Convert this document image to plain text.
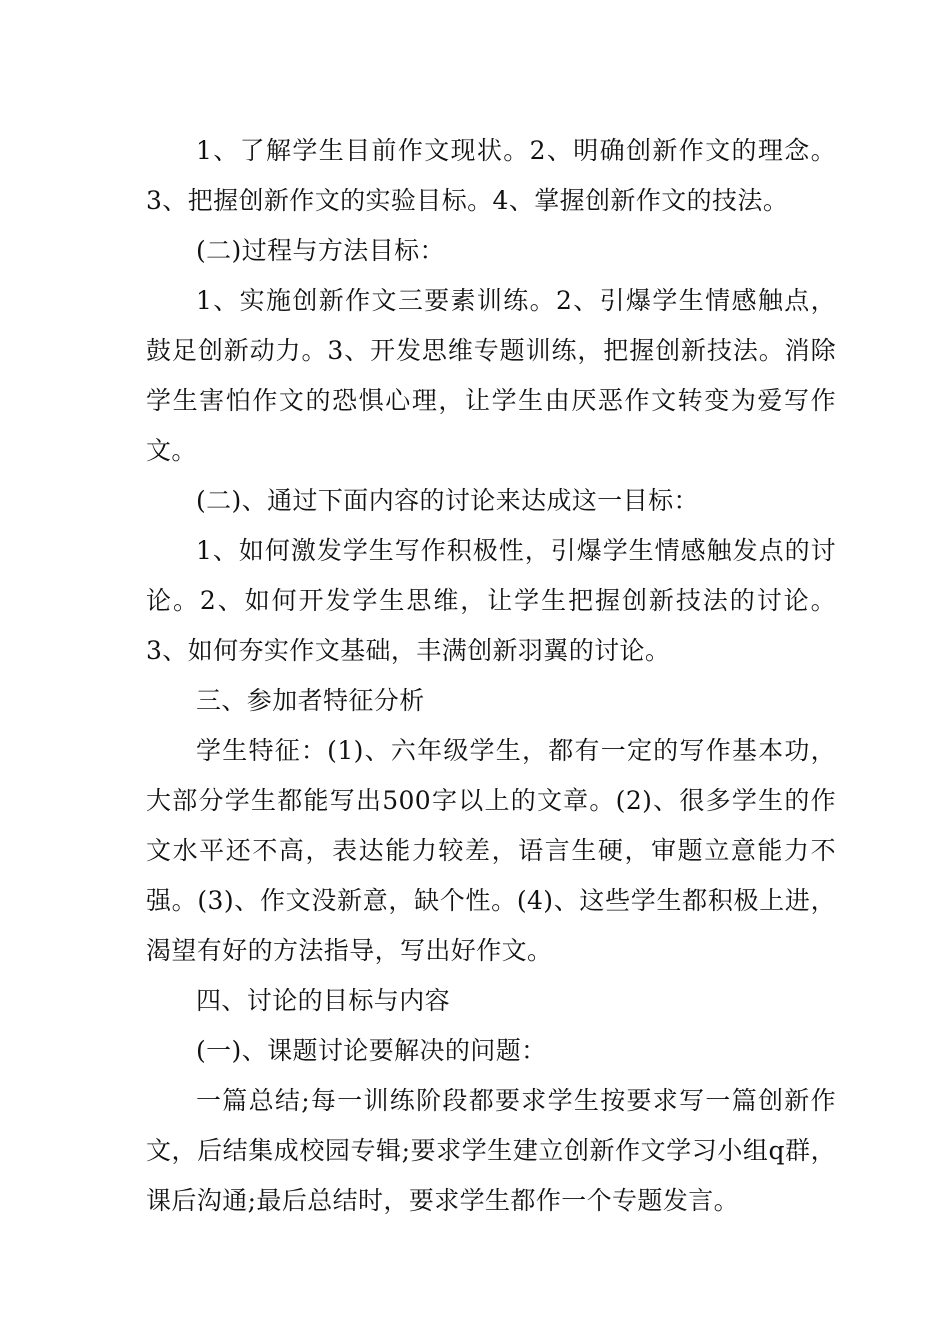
1、了解学生目前作文现状。2、明确创新作文的理念。3、把握创新作文的实验目标。4、掌握创新作文的技法。

(二)过程与方法目标：

1、实施创新作文三要素训练。2、引爆学生情感触点，鼓足创新动力。3、开发思维专题训练，把握创新技法。消除学生害怕作文的恐惧心理，让学生由厌恶作文转变为爱写作文。

(二)、通过下面内容的讨论来达成这一目标：

1、如何激发学生写作积极性，引爆学生情感触发点的讨论。2、如何开发学生思维，让学生把握创新技法的讨论。3、如何夯实作文基础，丰满创新羽翼的讨论。

三、参加者特征分析

学生特征：(1)、六年级学生，都有一定的写作基本功，大部分学生都能写出500字以上的文章。(2)、很多学生的作文水平还不高，表达能力较差，语言生硬，审题立意能力不强。(3)、作文没新意，缺个性。(4)、这些学生都积极上进，渴望有好的方法指导，写出好作文。

四、讨论的目标与内容

(一)、课题讨论要解决的问题：

一篇总结;每一训练阶段都要求学生按要求写一篇创新作文，后结集成校园专辑;要求学生建立创新作文学习小组q群，课后沟通;最后总结时，要求学生都作一个专题发言。
